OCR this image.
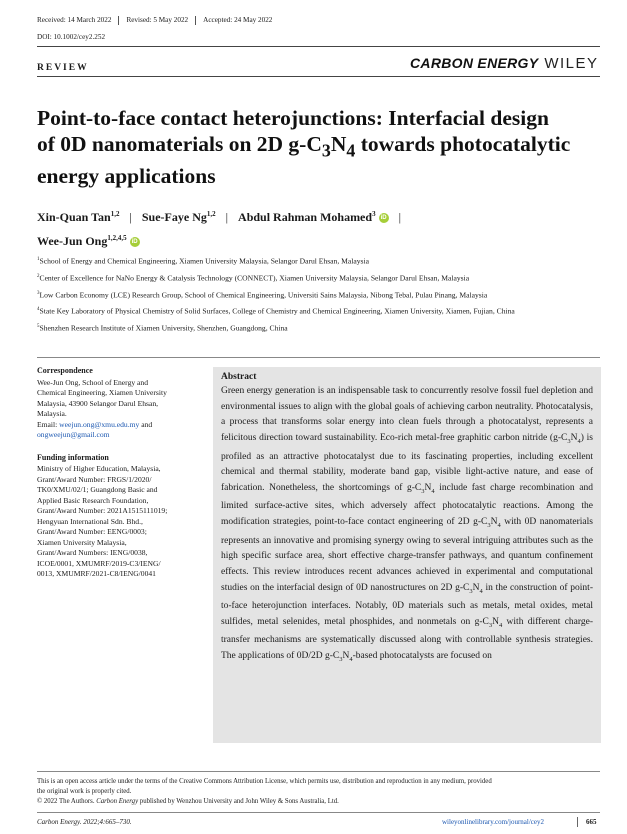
Received: 14 March 2022 Revised: 5 May 2022 Accepted: 24 May 2022
DOI: 10.1002/cey2.252
REVIEW	CARBON ENERGY WILEY
Point-to-face contact heterojunctions: Interfacial design
of 0D nanomaterials on 2D $g-C_3N_4$ towards photocatalytic
energy applications
Xin-Quan Tan$^{1,2}$ | Sue-Faye Ng$^{1,2}$ | Abdul Rahman Mohamed$^3$iD |
Wee-Jun Ong$^{1,2,4,5}$iD
$^1$School of Energy and Chemical Engineering, Xiamen University Malaysia, Selangor Darul Ehsan, Malaysia
$^2$Center of Excellence for NaNo Energy & Catalysis Technology (CONNECT), Xiamen University Malaysia, Selangor Darul Ehsan, Malaysia
$^3$Low Carbon Economy (LCE) Research Group, School of Chemical Engineering, Universiti Sains Malaysia, Nibong Tebal, Pulau Pinang, Malaysia
$^4$State Key Laboratory of Physical Chemistry of Solid Surfaces, College of Chemistry and Chemical Engineering, Xiamen University, Xiamen, Fujian, China
$^5$Shenzhen Research Institute of Xiamen University, Shenzhen, Guangdong, China
Correspondence
Wee-Jun Ong, School of Energy and
Chemical Engineering, Xiamen University
Malaysia, 43900 Selangor Darul Ehsan,
Malaysia.
Email: weejun.ong@xmu.edu.my and
ongweejun@gmail.com
Funding information
Ministry of Higher Education, Malaysia,
Grant/Award Number: FRGS/1/2020/
TK0/XMU/02/1; Guangdong Basic and
Applied Basic Research Foundation,
Grant/Award Number: 2021A1515111019;
Hengyuan International Sdn. Bhd.,
Grant/Award Number: EENG/0003;
Xiamen University Malaysia,
Grant/Award Numbers: IENG/0038,
ICOE/0001, XMUMRF/2019-C3/IENG/
0013, XMUMRF/2021-C8/IENG/0041
Abstract

Green energy generation is an indispensable task to concurrently resolve fossil fuel depletion and environmental issues to align with the global goals of achieving carbon neutrality. Photocatalysis, a process that transforms solar energy into clean fuels through a photocatalyst, represents a felicitous direction toward sustainability. Eco-rich metal-free graphitic carbon nitride $(g-C_3N_4)$ is profiled as an attractive photocatalyst due to its fascinating properties, including excellent chemical and thermal stability, moderate band gap, visible light-active nature, and ease of fabrication. Nonetheless, the shortcomings of $g-C_3N_4$ include fast charge recombination and limited surface-active sites, which adversely affect photocatalytic reactions. Among the modification strategies, point-to-face contact engineering of 2D $g-C_3N_4$ with 0D nanomaterials represents an innovative and promising synergy owing to several intriguing attributes such as the high specific surface area, short effective charge-transfer pathways, and quantum confinement effects. This review introduces recent advances achieved in experimental and computational studies on the interfacial design of 0D nanostructures on 2D $g-C_3N_4$ in the construction of point-to-face heterojunction interfaces. Notably, 0D materials such as metals, metal oxides, metal sulfides, metal selenides, metal phosphides, and nonmetals on $g-C_3N_4$ with different charge-transfer mechanisms are systematically discussed along with controllable synthesis strategies. The applications of 0D/2D $g-C_3N_4$-based photocatalysts are focused on

This is an open access article under the terms of the Creative Commons Attribution License, which permits use, distribution and reproduction in any medium, provided
the original work is properly cited.
© 2022 The Authors. Carbon Energy published by Wenzhou University and John Wiley & Sons Australia, Ltd.
Carbon Energy. 2022;4:665–730.	wileyonlinelibrary.com/journal/cey2	665
